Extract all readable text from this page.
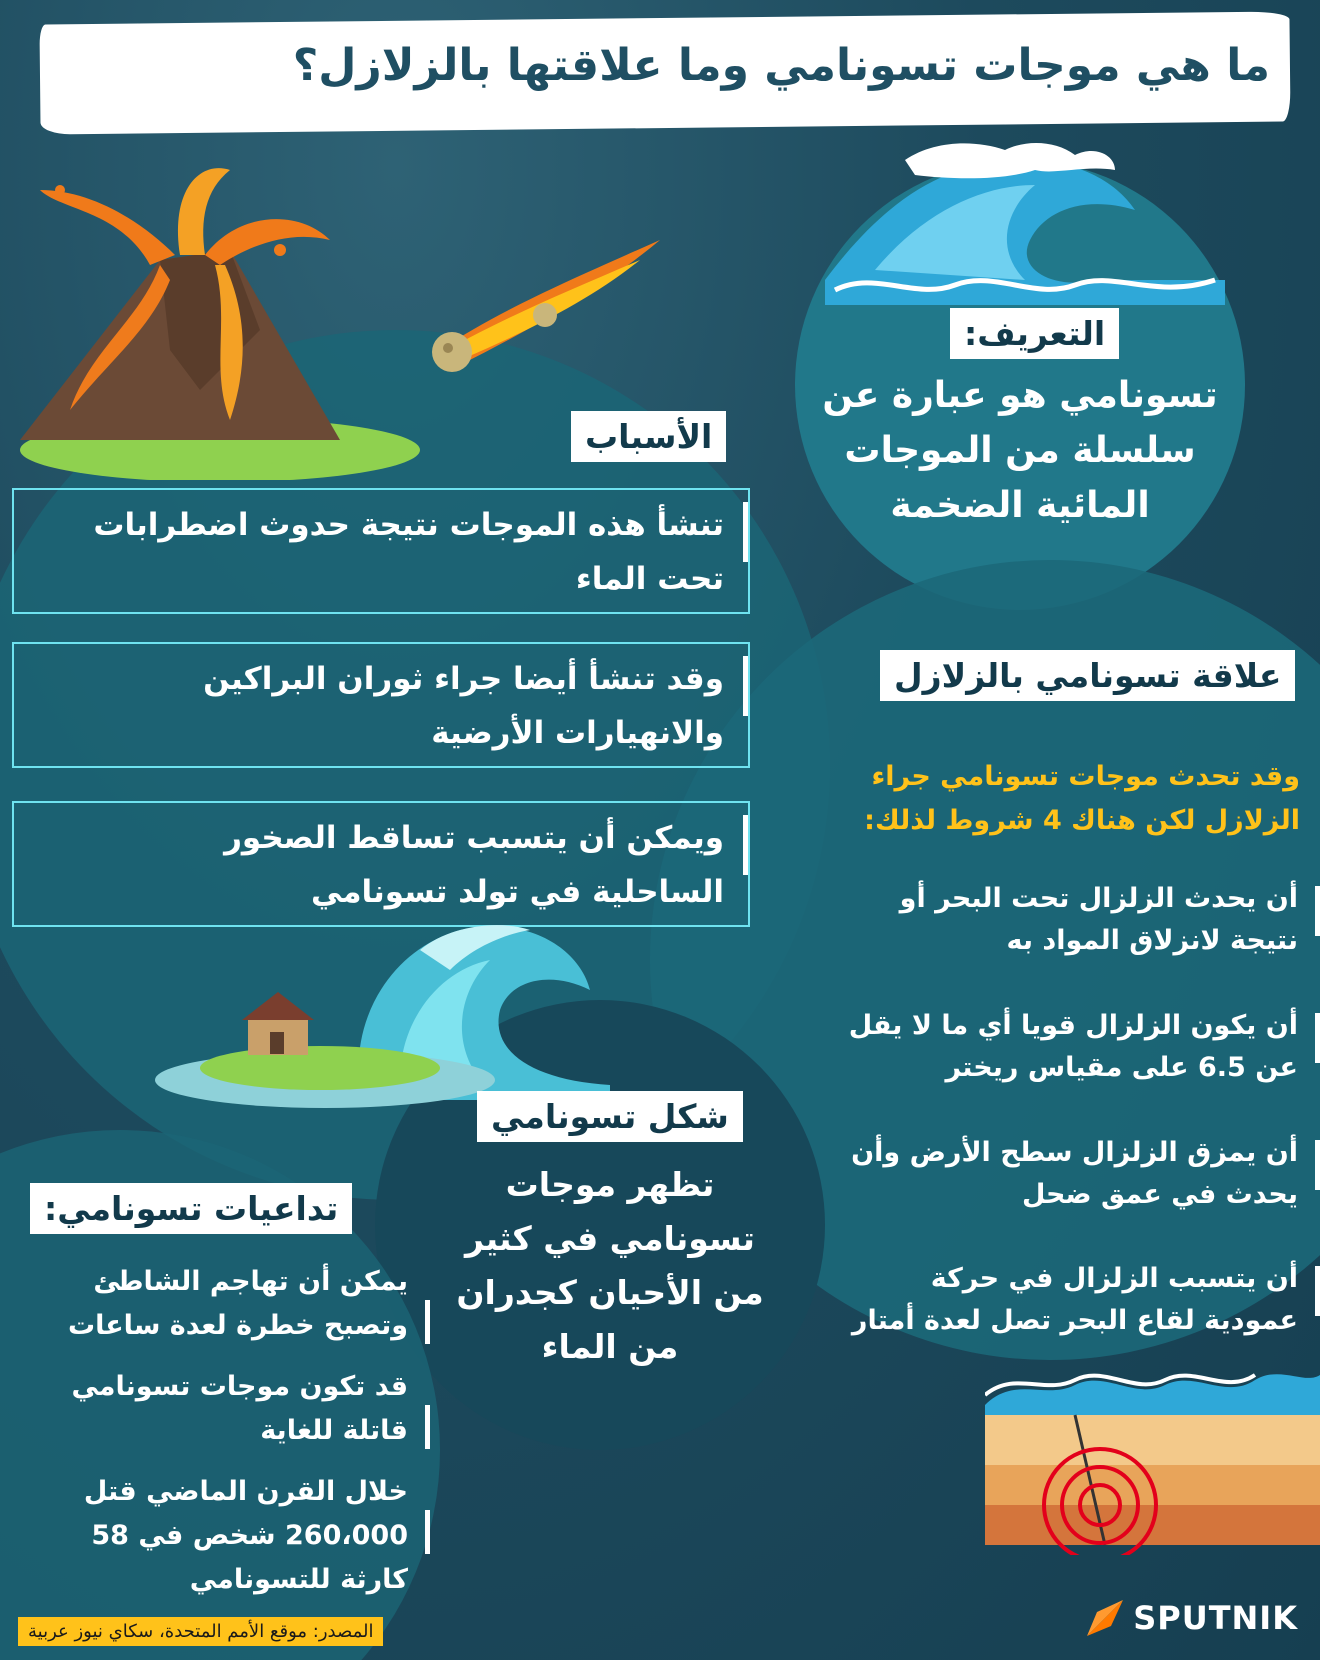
ما هي موجات تسونامي وما علاقتها بالزلازل؟
التعريف:
تسونامي هو عبارة عن
سلسلة من الموجات
المائية الضخمة
الأسباب
تنشأ هذه الموجات نتيجة حدوث اضطرابات
تحت الماء
وقد تنشأ أيضا جراء ثوران البراكين
والانهيارات الأرضية
ويمكن أن يتسبب تساقط الصخور
الساحلية في تولد تسونامي
علاقة تسونامي بالزلازل
وقد تحدث موجات تسونامي جراء
الزلازل لكن هناك 4 شروط لذلك:
أن يحدث الزلزال تحت البحر أو
نتيجة لانزلاق المواد به
أن يكون الزلزال قويا أي ما لا يقل
عن 6.5 على مقياس ريختر
أن يمزق الزلزال سطح الأرض وأن
يحدث في عمق ضحل
أن يتسبب الزلزال في حركة
عمودية لقاع البحر تصل لعدة أمتار
شكل تسونامي
تظهر موجات
تسونامي في كثير
من الأحيان كجدران
من الماء
تداعيات تسونامي:
يمكن أن تهاجم الشاطئ
وتصبح خطرة لعدة ساعات
قد تكون موجات تسونامي
قاتلة للغاية
خلال القرن الماضي قتل
260،000 شخص في 58
كارثة للتسونامي
المصدر: موقع الأمم المتحدة، سكاي نيوز عربية	SPUTNIK
